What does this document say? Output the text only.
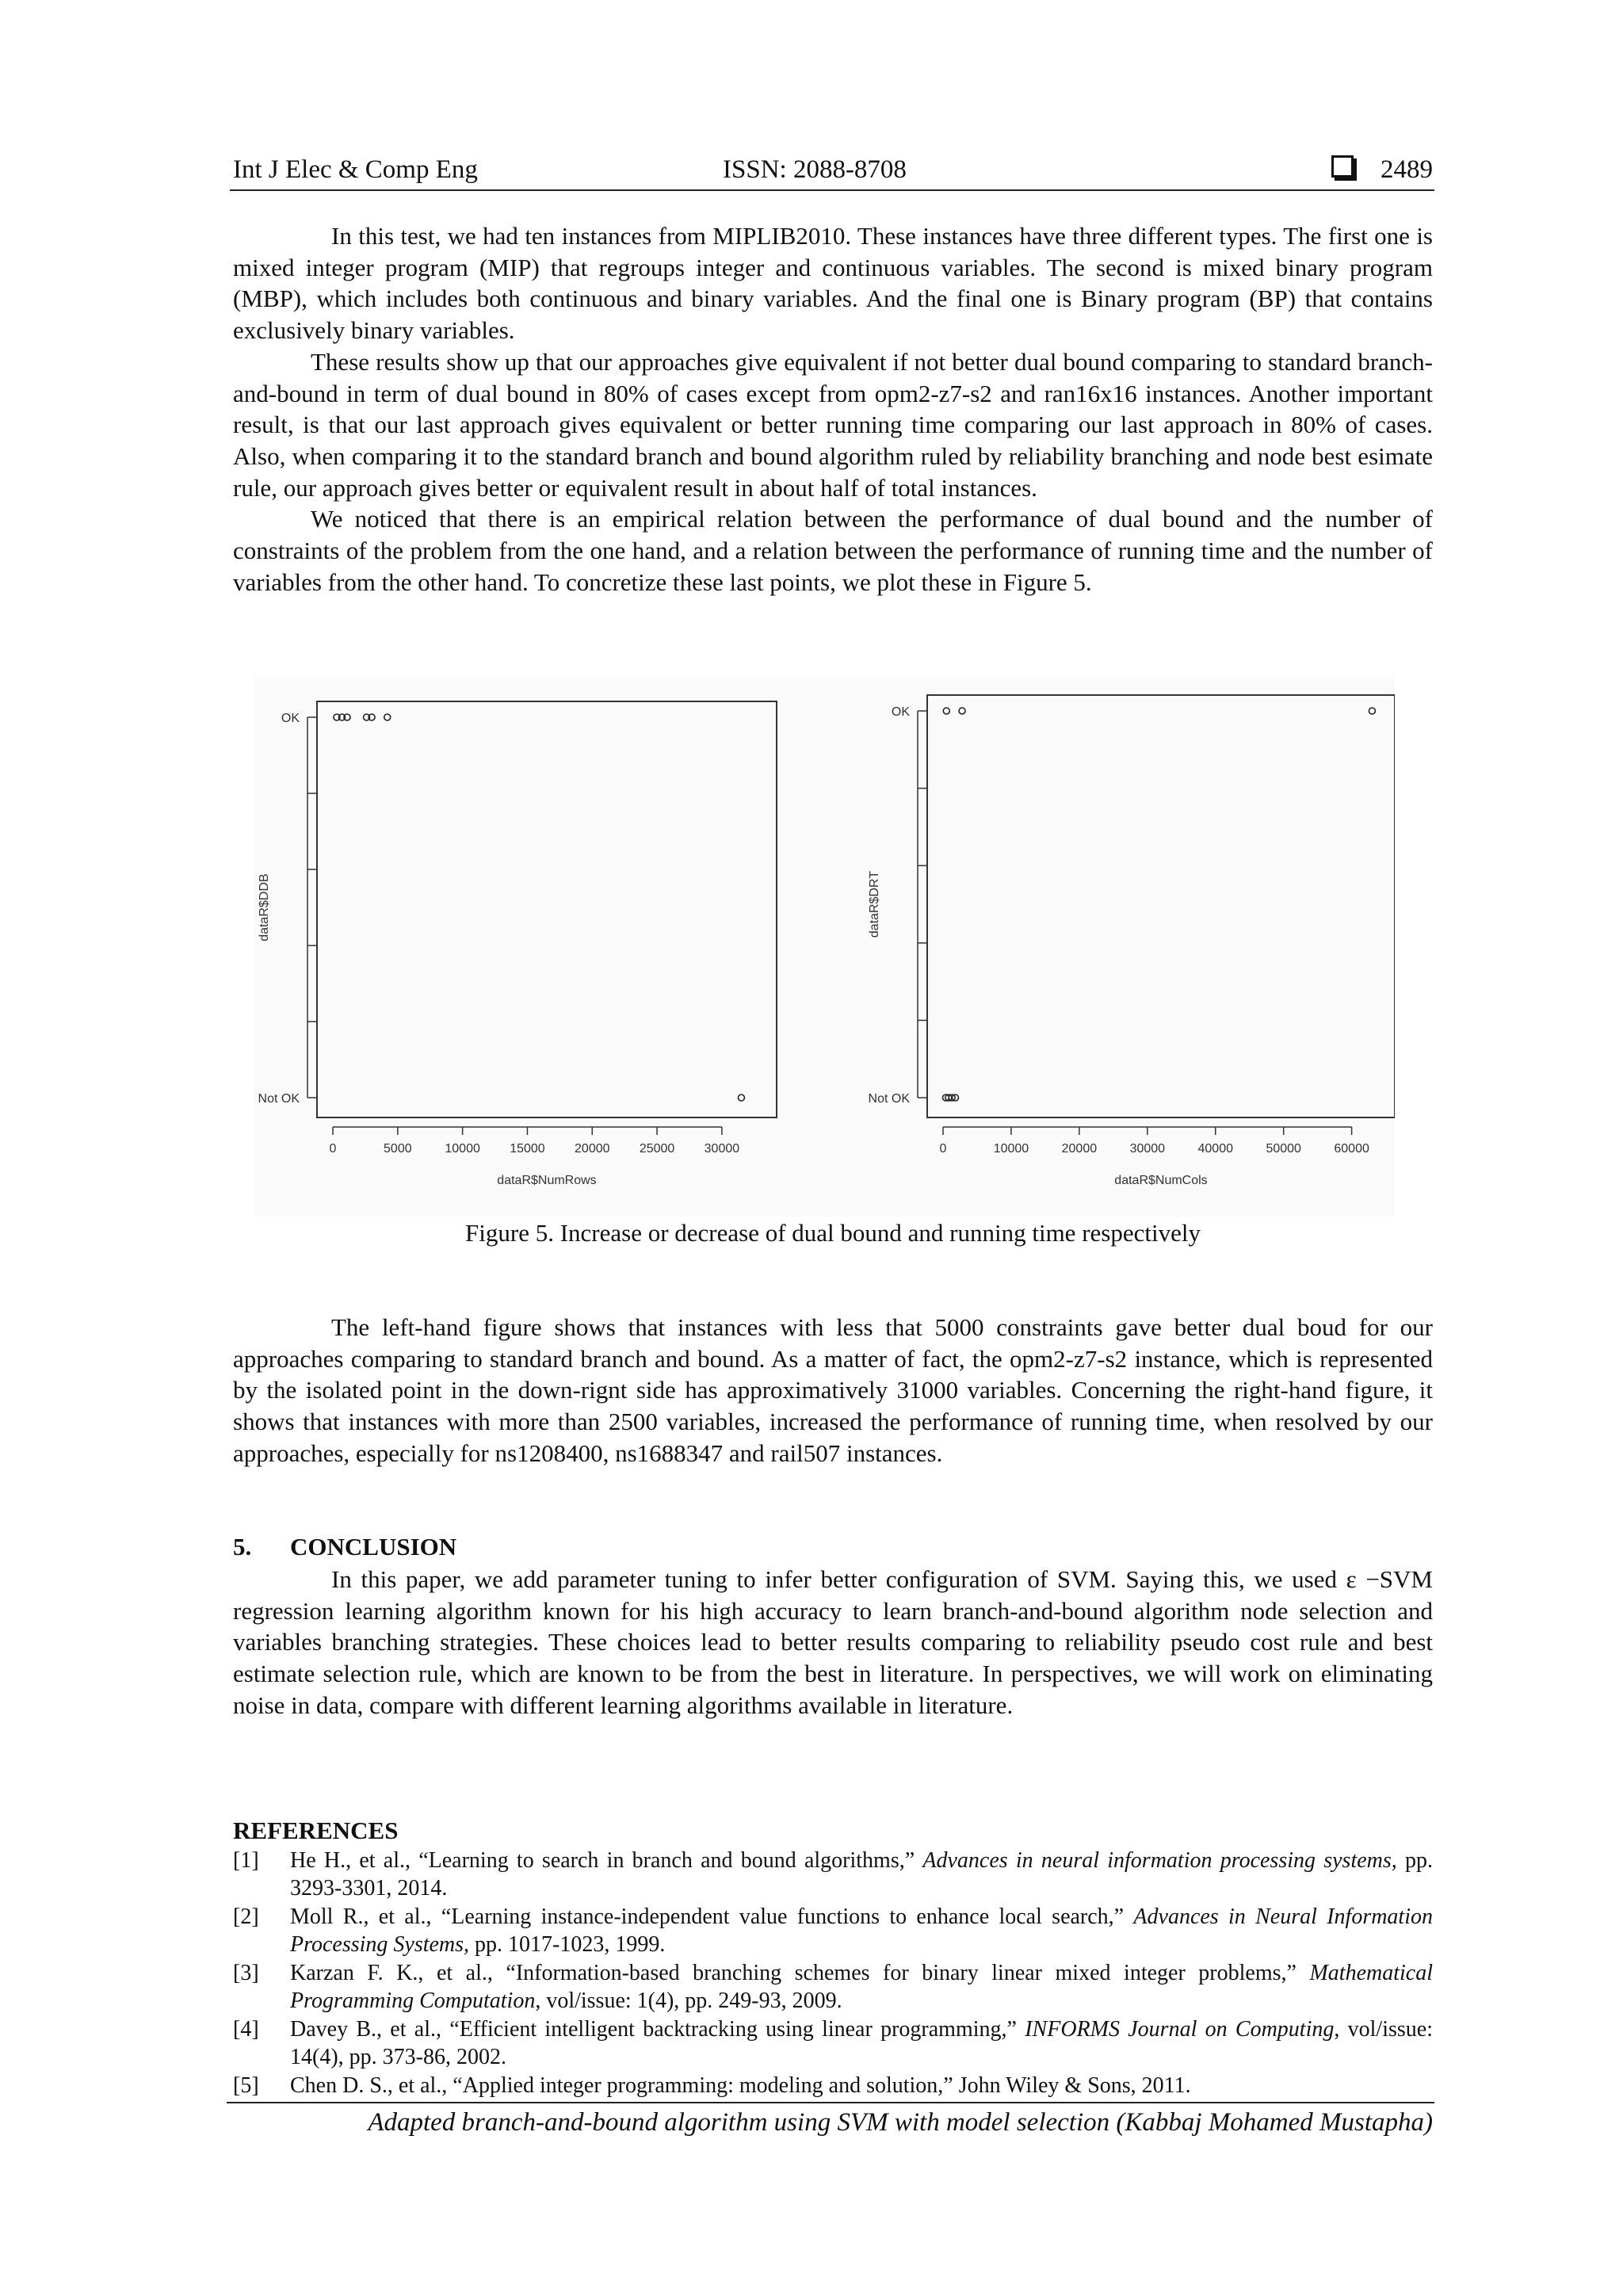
Int J Elec & Comp Eng	ISSN: 2088-8708	2489

In this test, we had ten instances from MIPLIB2010. These instances have three different types. The first one is mixed integer program (MIP) that regroups integer and continuous variables. The second is mixed binary program (MBP), which includes both continuous and binary variables. And the final one is Binary program (BP) that contains exclusively binary variables.

These results show up that our approaches give equivalent if not better dual bound comparing to standard branch-and-bound in term of dual bound in 80% of cases except from opm2-z7-s2 and ran16x16 instances. Another important result, is that our last approach gives equivalent or better running time comparing our last approach in 80% of cases. Also, when comparing it to the standard branch and bound algorithm ruled by reliability branching and node best esimate rule, our approach gives better or equivalent result in about half of total instances.

We noticed that there is an empirical relation between the performance of dual bound and the number of constraints of the problem from the one hand, and a relation between the performance of running time and the number of variables from the other hand. To concretize these last points, we plot these in Figure 5.

OK
Not OK
dataR$DDB
0	5000	10000 15000 20000 25000 30000
dataR$NumRows
OK
Not OK
dataR$DRT
0	10000	20000	30000	40000	50000	60000
dataR$NumCols
Figure 5. Increase or decrease of dual bound and running time respectively

The left-hand figure shows that instances with less that 5000 constraints gave better dual boud for our approaches comparing to standard branch and bound. As a matter of fact, the opm2-z7-s2 instance, which is represented by the isolated point in the down-rignt side has approximatively 31000 variables. Concerning the right-hand figure, it shows that instances with more than 2500 variables, increased the performance of running time, when resolved by our approaches, especially for ns1208400, ns1688347 and rail507 instances.

5. CONCLUSION

In this paper, we add parameter tuning to infer better configuration of SVM. Saying this, we used ε −SVM regression learning algorithm known for his high accuracy to learn branch-and-bound algorithm node selection and variables branching strategies. These choices lead to better results comparing to reliability pseudo cost rule and best estimate selection rule, which are known to be from the best in literature. In perspectives, we will work on eliminating noise in data, compare with different learning algorithms available in literature.

REFERENCES
[1] He H., et al., “Learning to search in branch and bound algorithms,” Advances in neural information processing systems, pp. 3293-3301, 2014.
[2] Moll R., et al., “Learning instance-independent value functions to enhance local search,” Advances in Neural Information Processing Systems, pp. 1017-1023, 1999.
[3] Karzan F. K., et al., “Information-based branching schemes for binary linear mixed integer problems,” Mathematical Programming Computation, vol/issue: 1(4), pp. 249-93, 2009.
[4] Davey B., et al., “Efficient intelligent backtracking using linear programming,” INFORMS Journal on Computing, vol/issue: 14(4), pp. 373-86, 2002.
[5] Chen D. S., et al., “Applied integer programming: modeling and solution,” John Wiley & Sons, 2011.
Adapted branch-and-bound algorithm using SVM with model selection (Kabbaj Mohamed Mustapha)
